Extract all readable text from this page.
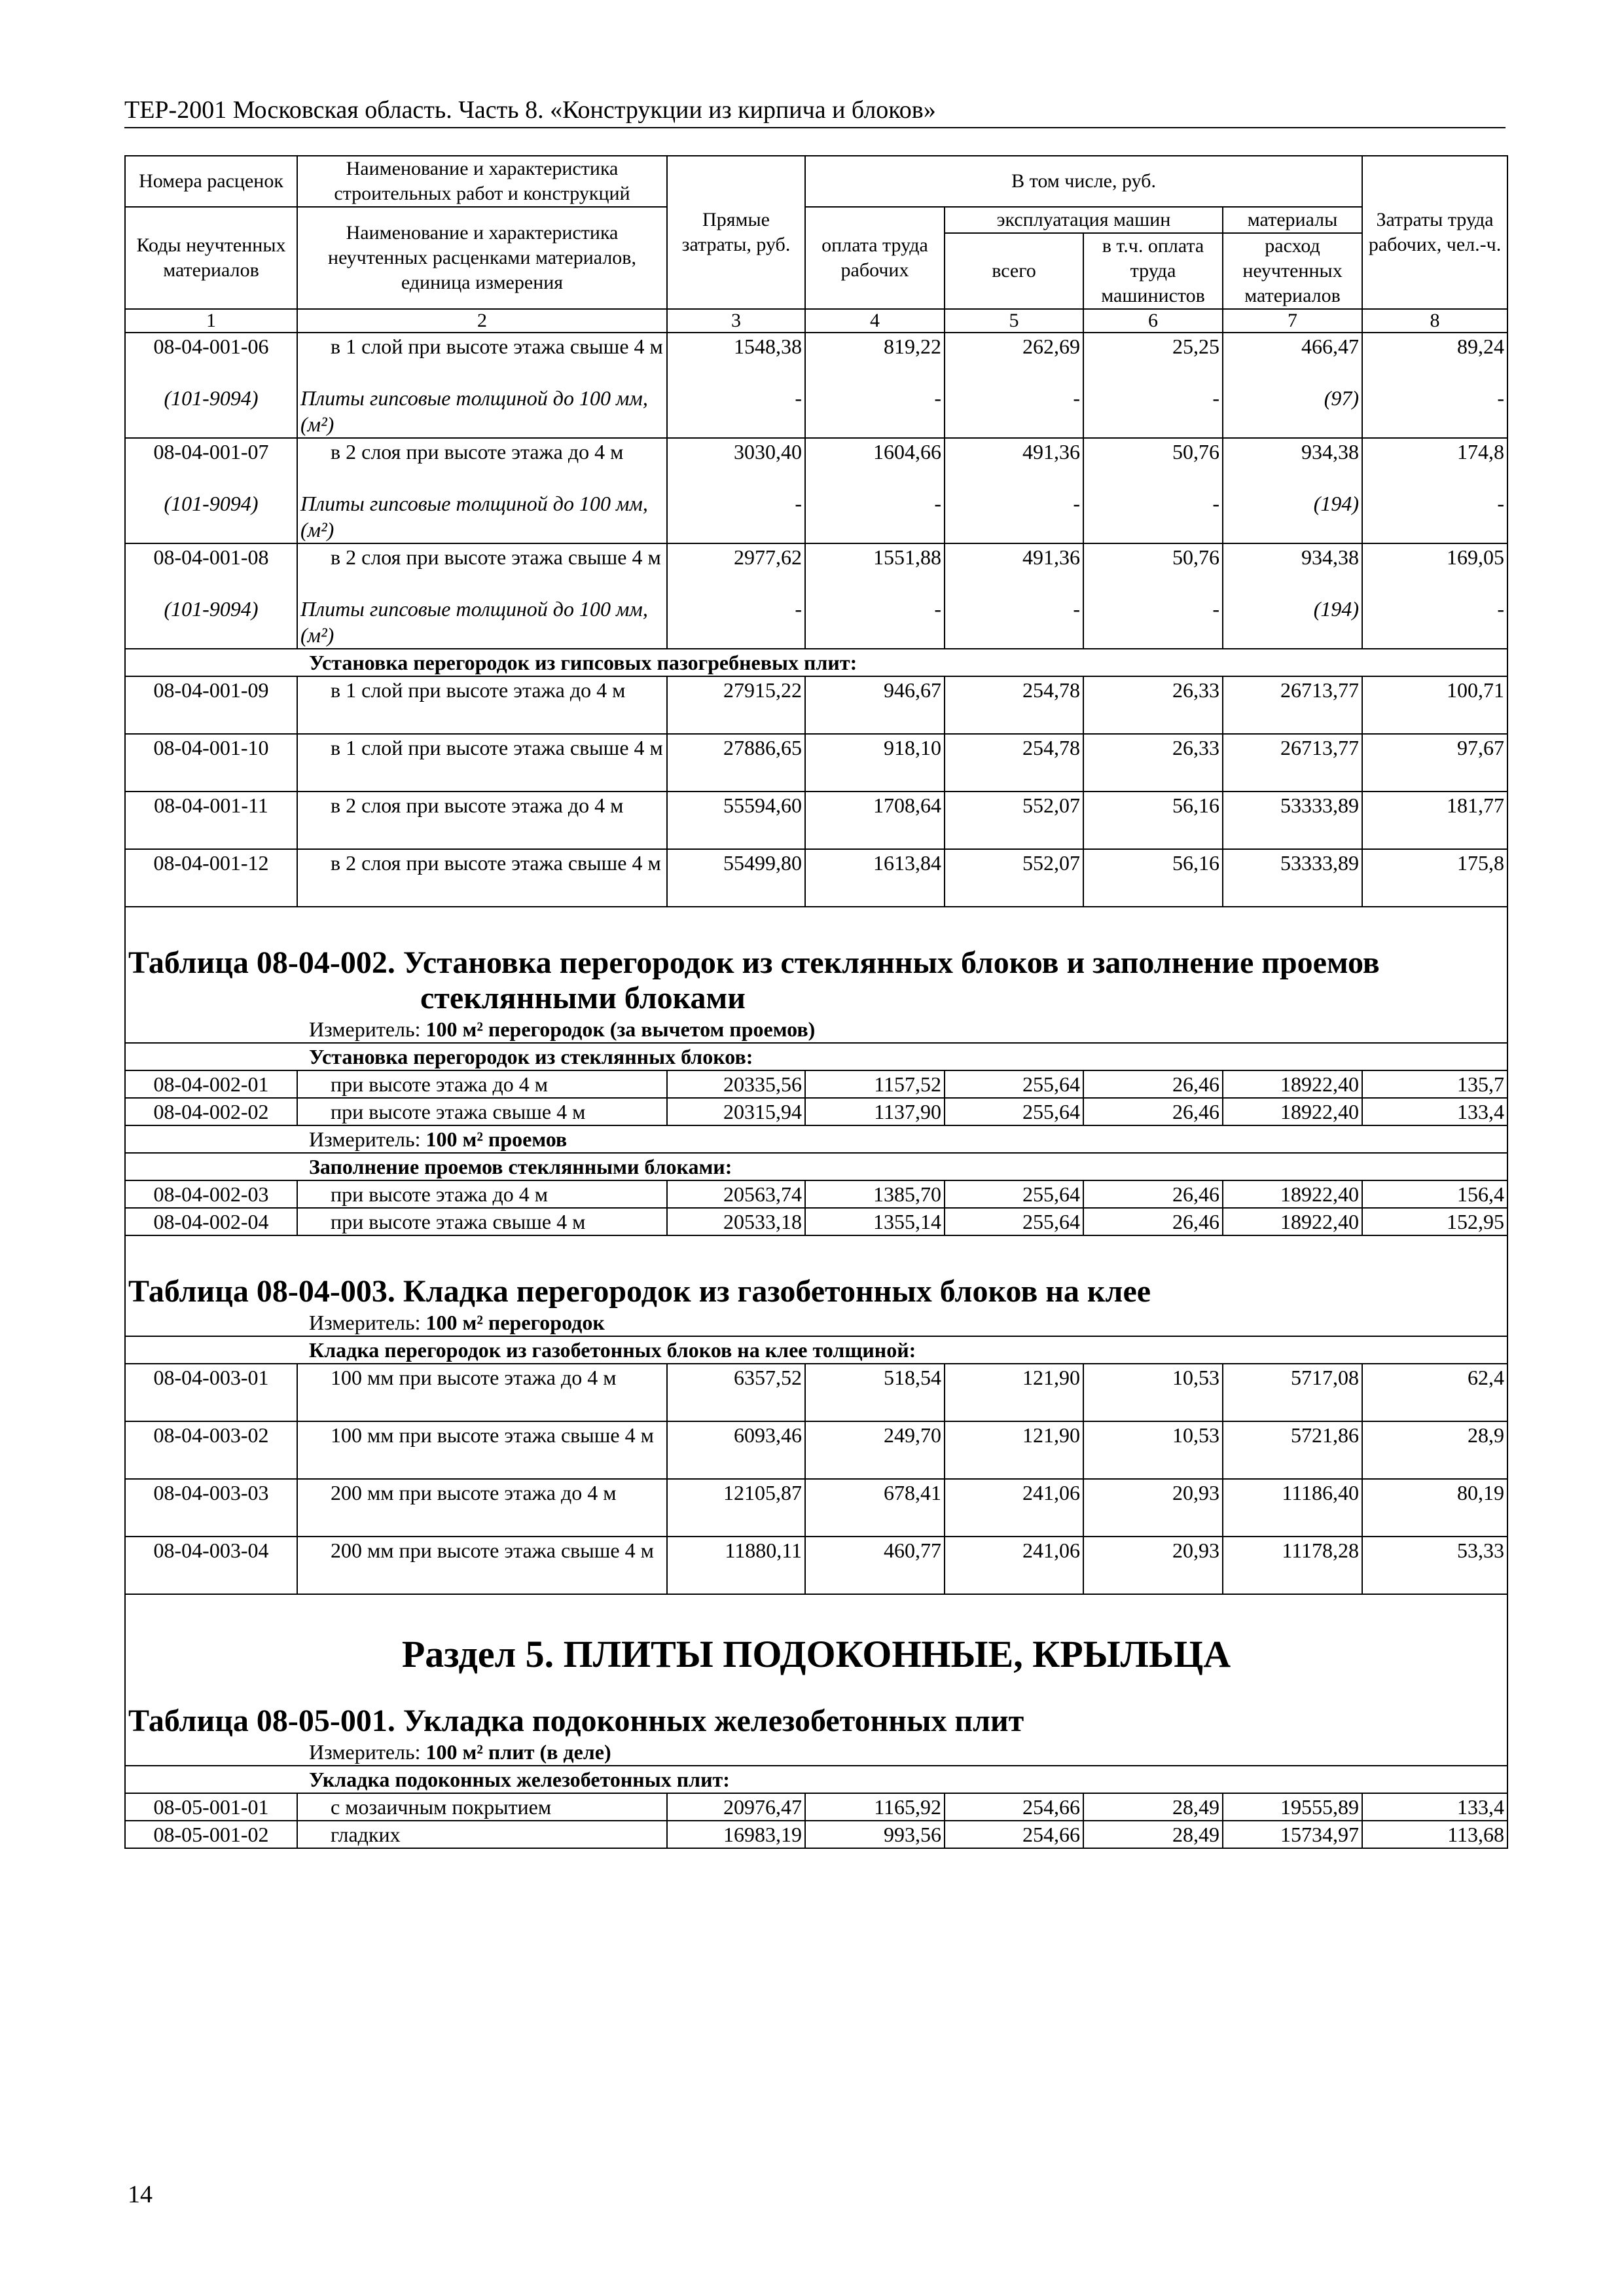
ТЕР-2001 Московская область. Часть 8. «Конструкции из кирпича и блоков»
Номера расценок	Наименование и характеристика строительных работ и конструкций	Прямые затраты, руб.	В том числе, руб.				Затраты труда рабочих, чел.-ч.
Коды неучтенных материалов	Наименование и характеристика неучтенных расценками материалов, единица измерения		оплата труда рабочих	эксплуатация машин		материалы	
				всего	в т.ч. оплата труда машинистов	расход неучтенных материалов	
1	2	3	4	5	6	7	8
08-04-001-06	в 1 слой при высоте этажа свыше 4 м	1548,38	819,22	262,69	25,25	466,47	89,24
(101-9094)	Плиты гипсовые толщиной до 100 мм, (м²)	-	-	-	-	(97)	-
08-04-001-07	в 2 слоя при высоте этажа до 4 м	3030,40	1604,66	491,36	50,76	934,38	174,8
(101-9094)	Плиты гипсовые толщиной до 100 мм, (м²)	-	-	-	-	(194)	-
08-04-001-08	в 2 слоя при высоте этажа свыше 4 м	2977,62	1551,88	491,36	50,76	934,38	169,05
(101-9094)	Плиты гипсовые толщиной до 100 мм, (м²)	-	-	-	-	(194)	-
Установка перегородок из гипсовых пазогребневых плит:							
08-04-001-09	в 1 слой при высоте этажа до 4 м	27915,22	946,67	254,78	26,33	26713,77	100,71
08-04-001-10	в 1 слой при высоте этажа свыше 4 м	27886,65	918,10	254,78	26,33	26713,77	97,67
08-04-001-11	в 2 слоя при высоте этажа до 4 м	55594,60	1708,64	552,07	56,16	53333,89	181,77
08-04-001-12	в 2 слоя при высоте этажа свыше 4 м	55499,80	1613,84	552,07	56,16	53333,89	175,8
Таблица 08-04-002. Установка перегородок из стеклянных блоков и заполнение проемов							
стеклянными блоками							
Измеритель: 100 м² перегородок (за вычетом проемов)							
Установка перегородок из стеклянных блоков:							
08-04-002-01	при высоте этажа до 4 м	20335,56	1157,52	255,64	26,46	18922,40	135,7
08-04-002-02	при высоте этажа свыше 4 м	20315,94	1137,90	255,64	26,46	18922,40	133,4
Измеритель: 100 м² проемов							
Заполнение проемов стеклянными блоками:							
08-04-002-03	при высоте этажа до 4 м	20563,74	1385,70	255,64	26,46	18922,40	156,4
08-04-002-04	при высоте этажа свыше 4 м	20533,18	1355,14	255,64	26,46	18922,40	152,95
Таблица 08-04-003. Кладка перегородок из газобетонных блоков на клее							
Измеритель: 100 м² перегородок							
Кладка перегородок из газобетонных блоков на клее толщиной:							
08-04-003-01	100 мм при высоте этажа до 4 м	6357,52	518,54	121,90	10,53	5717,08	62,4
08-04-003-02	100 мм при высоте этажа свыше 4 м	6093,46	249,70	121,90	10,53	5721,86	28,9
08-04-003-03	200 мм при высоте этажа до 4 м	12105,87	678,41	241,06	20,93	11186,40	80,19
08-04-003-04	200 мм при высоте этажа свыше 4 м	11880,11	460,77	241,06	20,93	11178,28	53,33
Раздел 5. ПЛИТЫ ПОДОКОННЫЕ, КРЫЛЬЦА							
Таблица 08-05-001. Укладка подоконных железобетонных плит							
Измеритель: 100 м² плит (в деле)							
Укладка подоконных железобетонных плит:							
08-05-001-01	с мозаичным покрытием	20976,47	1165,92	254,66	28,49	19555,89	133,4
08-05-001-02	гладких	16983,19	993,56	254,66	28,49	15734,97	113,68
14
